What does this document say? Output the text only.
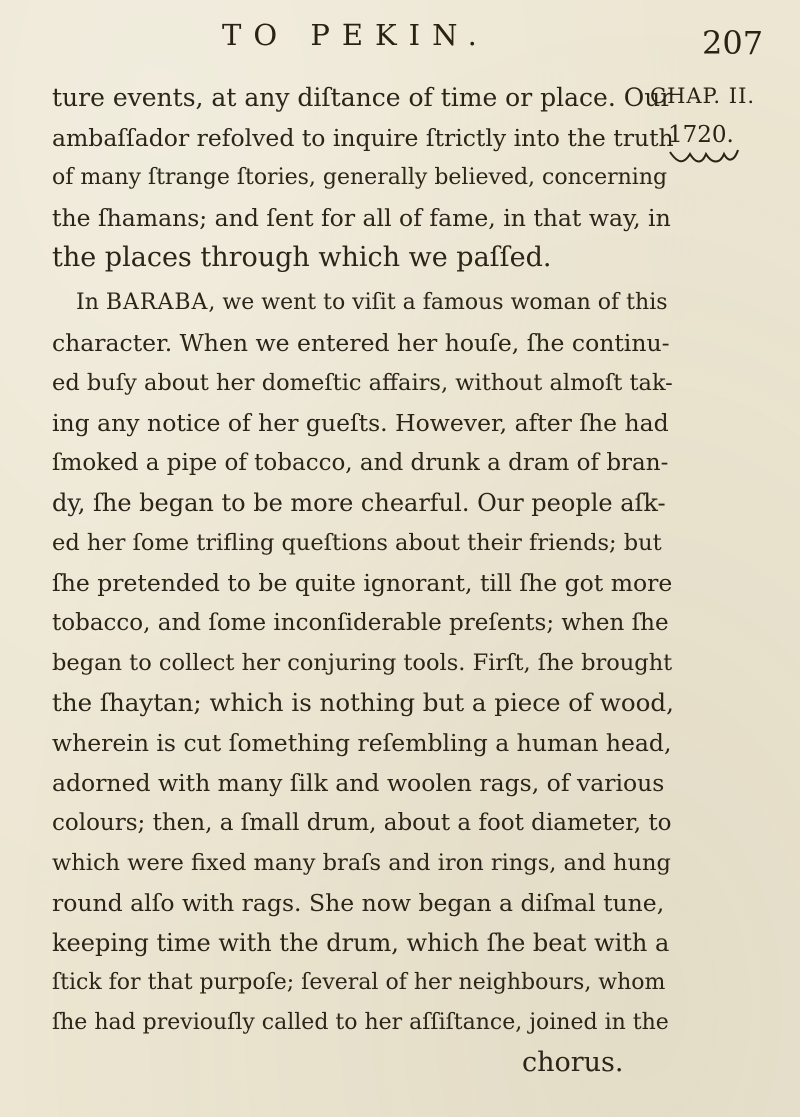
TO PEKIN.	207
CHAP. II.
1720.
ture events, at any diſtance of time or place. Our
ambaſſador refolved to inquire ſtrictly into the truth
of many ſtrange ſtories, generally believed, concerning
the ſhamans; and ſent for all of fame, in that way, in
the places through which we paſſed.
In BARABA, we went to viſit a famous woman of this
character. When we entered her houſe, ſhe continu-
ed buſy about her domeſtic affairs, without almoſt tak-
ing any notice of her gueſts. However, after ſhe had
ſmoked a pipe of tobacco, and drunk a dram of bran-
dy, ſhe began to be more chearful. Our people aſk-
ed her ſome trifling queſtions about their friends; but
ſhe pretended to be quite ignorant, till ſhe got more
tobacco, and ſome inconſiderable preſents; when ſhe
began to collect her conjuring tools. Firſt, ſhe brought
the ſhaytan; which is nothing but a piece of wood,
wherein is cut ſomething reſembling a human head,
adorned with many ſilk and woolen rags, of various
colours; then, a ſmall drum, about a foot diameter, to
which were fixed many braſs and iron rings, and hung
round alſo with rags. She now began a diſmal tune,
keeping time with the drum, which ſhe beat with a
ſtick for that purpoſe; ſeveral of her neighbours, whom
ſhe had previouſly called to her aſſiſtance, joined in the
chorus.
